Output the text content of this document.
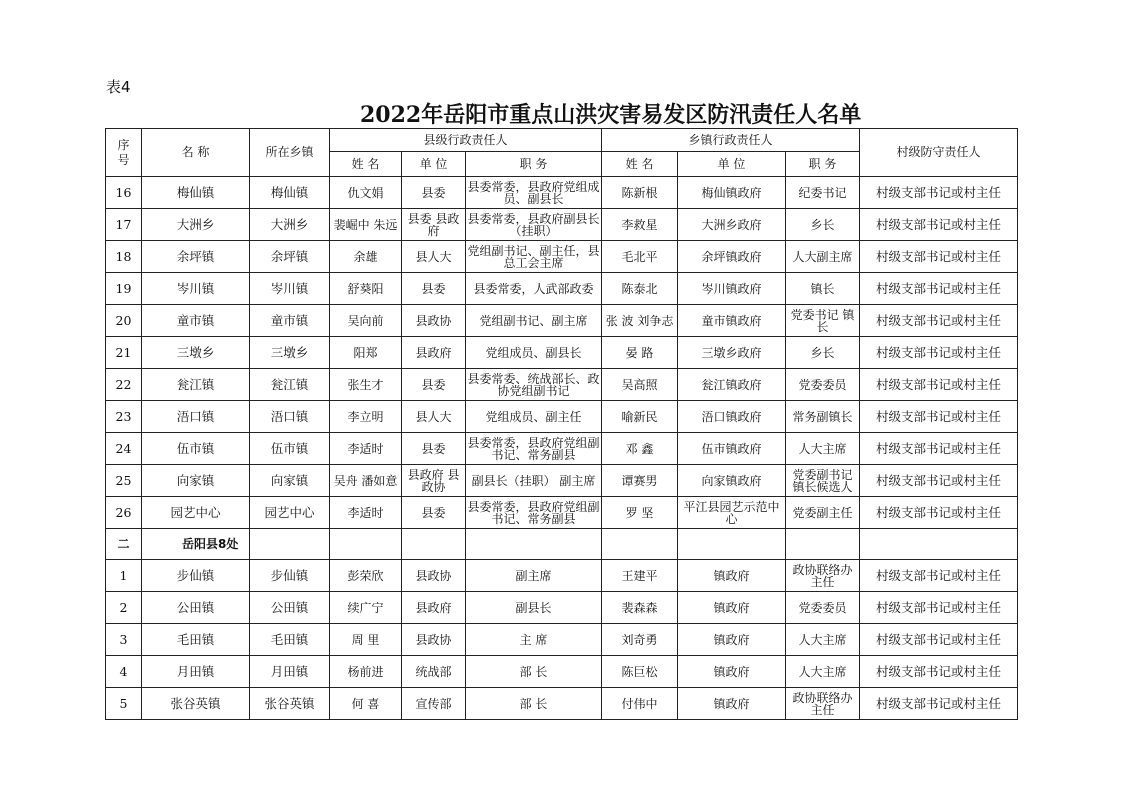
表4
2022年岳阳市重点山洪灾害易发区防汛责任人名单
序号	名 称	所在乡镇	县级行政责任人			乡镇行政责任人			村级防守责任人
			姓 名	单 位	职 务	姓 名	单 位	职 务	
16	梅仙镇	梅仙镇	仇文娟	县委	县委常委，县政府党组成员、副县长	陈新根	梅仙镇政府	纪委书记	村级支部书记或村主任
17	大洲乡	大洲乡	裴崛中 朱远	县委 县政府	县委常委，县政府副县长（挂职）	李救星	大洲乡政府	乡长	村级支部书记或村主任
18	余坪镇	余坪镇	余雄	县人大	党组副书记、副主任，县总工会主席	毛北平	余坪镇政府	人大副主席	村级支部书记或村主任
19	岑川镇	岑川镇	舒葵阳	县委	县委常委，人武部政委	陈泰北	岑川镇政府	镇长	村级支部书记或村主任
20	童市镇	童市镇	吴向前	县政协	党组副书记、副主席	张 波 刘争志	童市镇政府	党委书记 镇 长	村级支部书记或村主任
21	三墩乡	三墩乡	阳郑	县政府	党组成员、副县长	晏 路	三墩乡政府	乡长	村级支部书记或村主任
22	瓮江镇	瓮江镇	张生才	县委	县委常委、统战部长、政协党组副书记	吴高照	瓮江镇政府	党委委员	村级支部书记或村主任
23	浯口镇	浯口镇	李立明	县人大	党组成员、副主任	喻新民	浯口镇政府	常务副镇长	村级支部书记或村主任
24	伍市镇	伍市镇	李适时	县委	县委常委，县政府党组副书记、常务副县	邓 鑫	伍市镇政府	人大主席	村级支部书记或村主任
25	向家镇	向家镇	吴舟 潘如意	县政府 县政协	副县长（挂职） 副主席	谭赛男	向家镇政府	党委副书记 镇长候选人	村级支部书记或村主任
26	园艺中心	园艺中心	李适时	县委	县委常委，县政府党组副书记、常务副县	罗 坚	平江县园艺示范中心	党委副主任	村级支部书记或村主任
二	岳阳县8处								
1	步仙镇	步仙镇	彭荣欣	县政协	副主席	王建平	镇政府	政协联络办主任	村级支部书记或村主任
2	公田镇	公田镇	续广宁	县政府	副县长	裴森森	镇政府	党委委员	村级支部书记或村主任
3	毛田镇	毛田镇	周 里	县政协	主 席	刘奇勇	镇政府	人大主席	村级支部书记或村主任
4	月田镇	月田镇	杨前进	统战部	部 长	陈巨松	镇政府	人大主席	村级支部书记或村主任
5	张谷英镇	张谷英镇	何 喜	宣传部	部 长	付伟中	镇政府	政协联络办主任	村级支部书记或村主任
